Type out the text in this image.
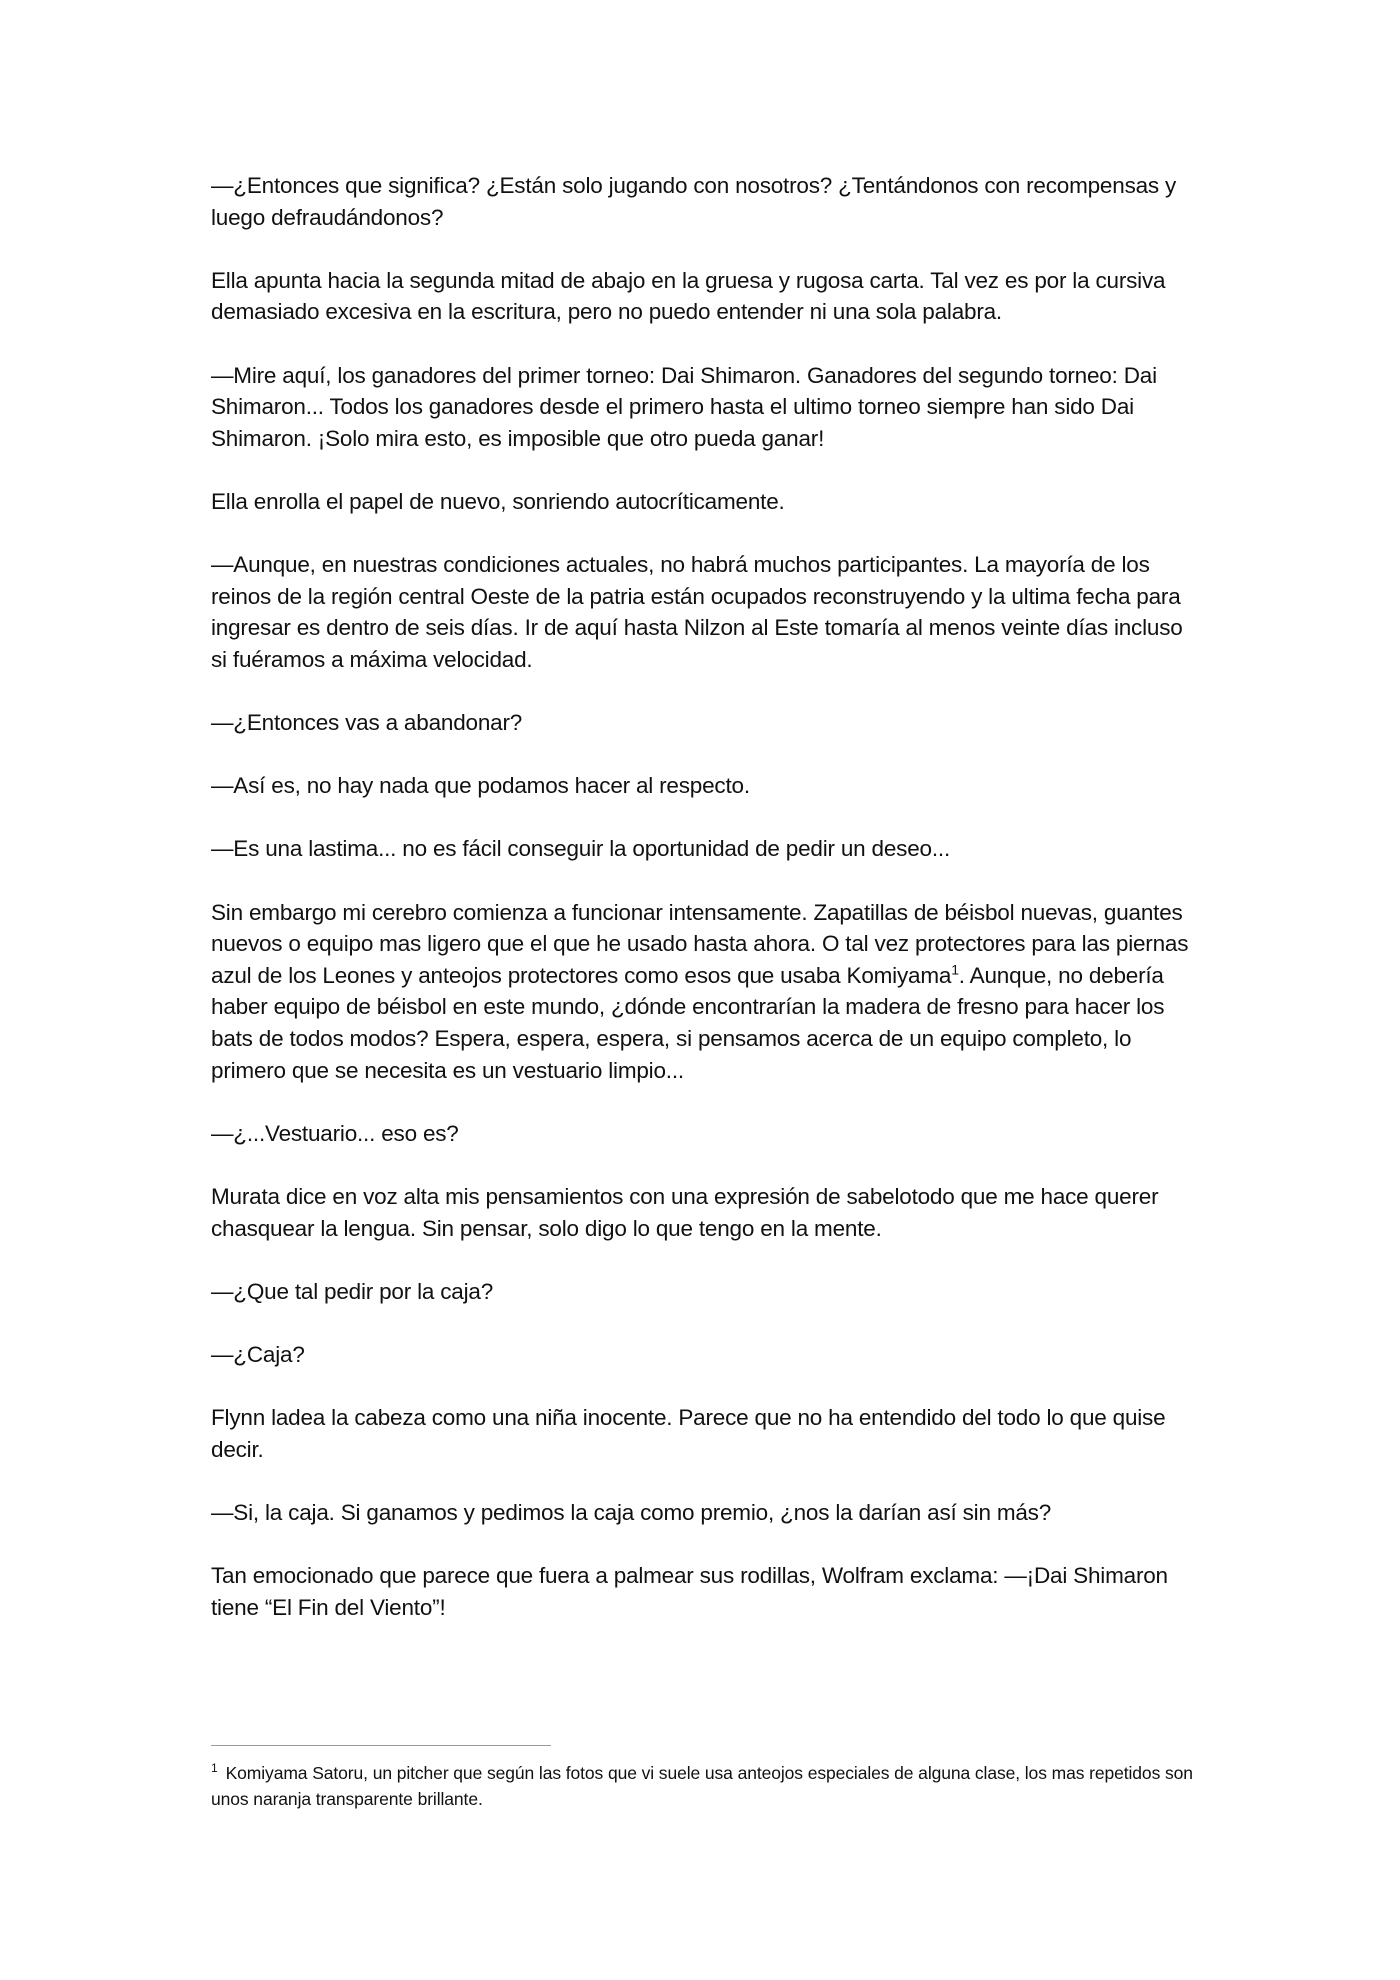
—¿Entonces que significa? ¿Están solo jugando con nosotros? ¿Tentándonos con recompensas y luego defraudándonos?

Ella apunta hacia la segunda mitad de abajo en la gruesa y rugosa carta. Tal vez es por la cursiva demasiado excesiva en la escritura, pero no puedo entender ni una sola palabra.

—Mire aquí, los ganadores del primer torneo: Dai Shimaron. Ganadores del segundo torneo: Dai Shimaron... Todos los ganadores desde el primero hasta el ultimo torneo siempre han sido Dai Shimaron. ¡Solo mira esto, es imposible que otro pueda ganar!

Ella enrolla el papel de nuevo, sonriendo autocríticamente.

—Aunque, en nuestras condiciones actuales, no habrá muchos participantes. La mayoría de los reinos de la región central Oeste de la patria están ocupados reconstruyendo y la ultima fecha para ingresar es dentro de seis días. Ir de aquí hasta Nilzon al Este tomaría al menos veinte días incluso si fuéramos a máxima velocidad.

—¿Entonces vas a abandonar?

—Así es, no hay nada que podamos hacer al respecto.

—Es una lastima... no es fácil conseguir la oportunidad de pedir un deseo...

Sin embargo mi cerebro comienza a funcionar intensamente. Zapatillas de béisbol nuevas, guantes nuevos o equipo mas ligero que el que he usado hasta ahora. O tal vez protectores para las piernas azul de los Leones y anteojos protectores como esos que usaba Komiyama$^1$. Aunque, no debería haber equipo de béisbol en este mundo, ¿dónde encontrarían la madera de fresno para hacer los bats de todos modos? Espera, espera, espera, si pensamos acerca de un equipo completo, lo primero que se necesita es un vestuario limpio...

—¿...Vestuario... eso es?

Murata dice en voz alta mis pensamientos con una expresión de sabelotodo que me hace querer chasquear la lengua. Sin pensar, solo digo lo que tengo en la mente.

—¿Que tal pedir por la caja?

—¿Caja?

Flynn ladea la cabeza como una niña inocente. Parece que no ha entendido del todo lo que quise decir.

—Si, la caja. Si ganamos y pedimos la caja como premio, ¿nos la darían así sin más?

Tan emocionado que parece que fuera a palmear sus rodillas, Wolfram exclama: —¡Dai Shimaron tiene “El Fin del Viento”!

$^1$ Komiyama Satoru, un pitcher que según las fotos que vi suele usa anteojos especiales de alguna clase, los mas repetidos son unos naranja transparente brillante.
